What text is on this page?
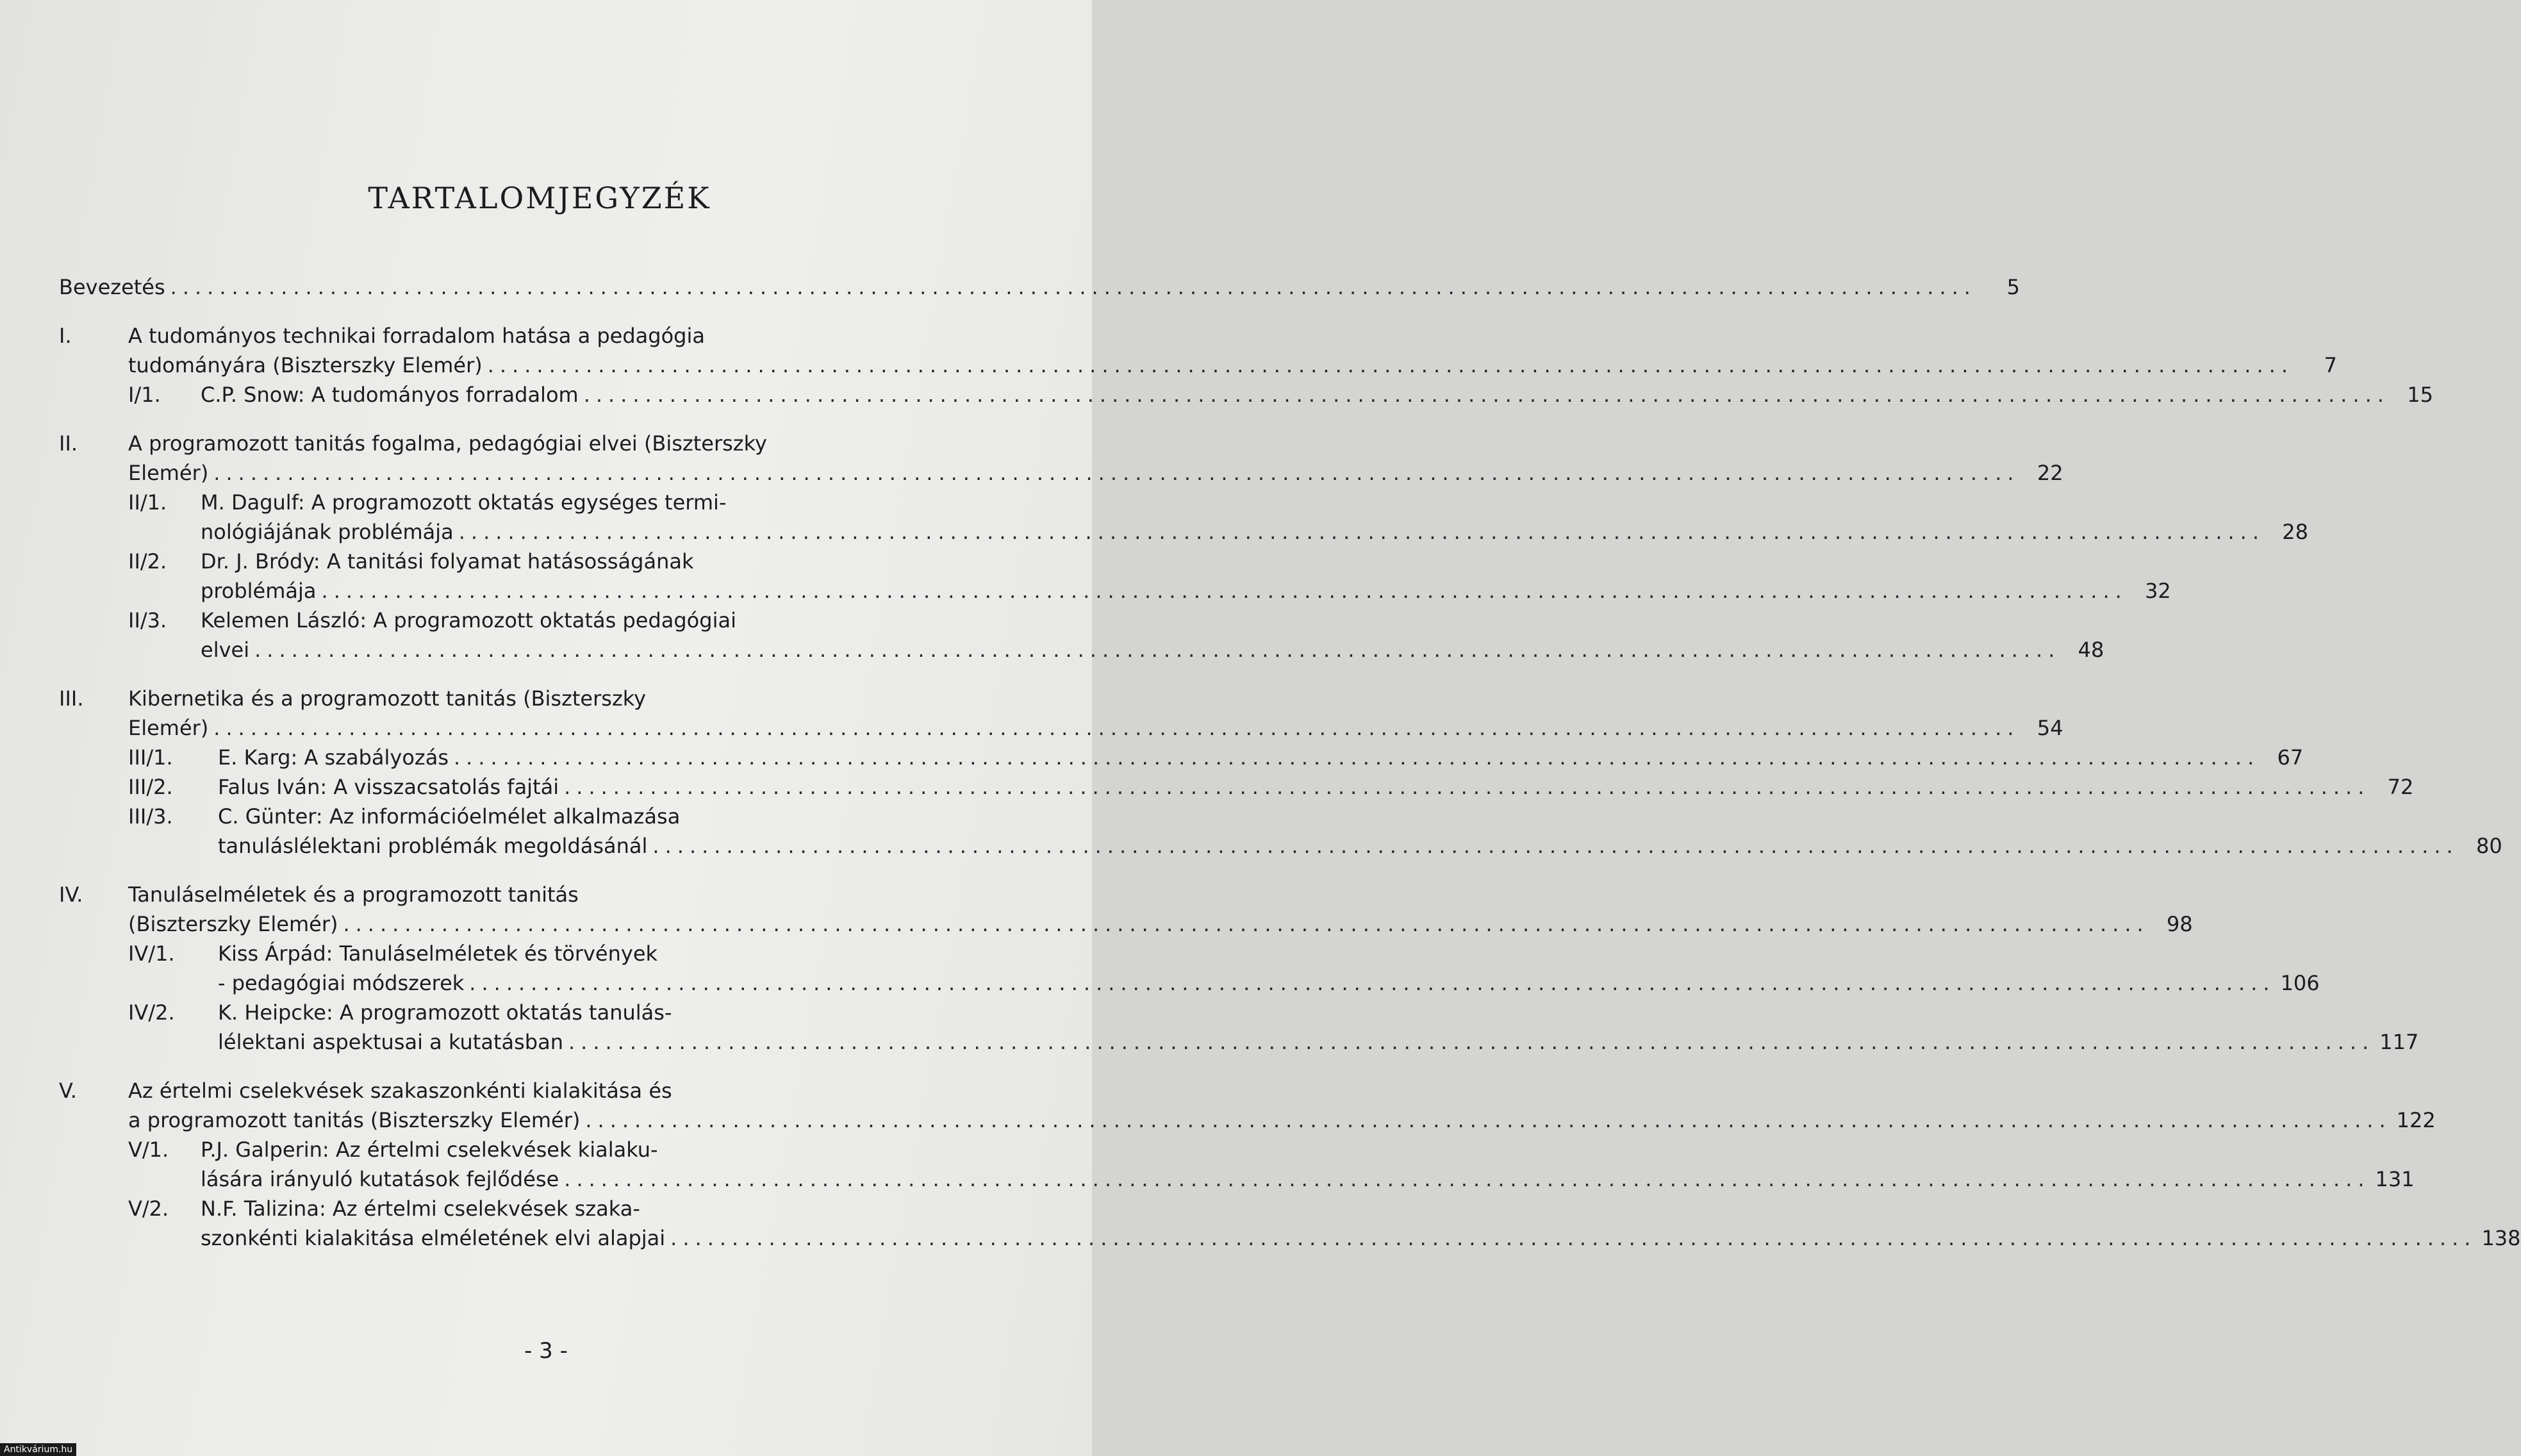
TARTALOMJEGYZÉK
Bevezetés .....	5
I.	A tudományos technikai forradalom hatása a pedagógia
tudományára (Biszterszky Elemér) .....	7
I/1.	C.P. Snow: A tudományos forradalom .....	15
II.	A programozott tanitás fogalma, pedagógiai elvei (Biszterszky
Elemér) .....	22
II/1.	M. Dagulf: A programozott oktatás egységes termi-
nológiájának problémája .....	28
II/2.	Dr. J. Bródy: A tanitási folyamat hatásosságának
problémája .....	32
II/3.	Kelemen László: A programozott oktatás pedagógiai
elvei .....	48
III.	Kibernetika és a programozott tanitás (Biszterszky
Elemér) .....	54
III/1.	E. Karg: A szabályozás .....	67
III/2.	Falus Iván: A visszacsatolás fajtái .....	72
III/3.	C. Günter: Az információelmélet alkalmazása
tanuláslélektani problémák megoldásánál .....	80
IV.	Tanuláselméletek és a programozott tanitás
(Biszterszky Elemér) .....	98
IV/1.	Kiss Árpád: Tanuláselméletek és törvények
- pedagógiai módszerek .....	106
IV/2.	K. Heipcke: A programozott oktatás tanulás-
lélektani aspektusai a kutatásban .....	117
V.	Az értelmi cselekvések szakaszonkénti kialakitása és
a programozott tanitás (Biszterszky Elemér) .....	122
V/1.	P.J. Galperin: Az értelmi cselekvések kialaku-
lására irányuló kutatások fejlődése .....	131
V/2.	N.F. Talizina: Az értelmi cselekvések szaka-
szonkénti kialakitása elméletének elvi alapjai .....	138
- 3 -
Antikvárium.hu
